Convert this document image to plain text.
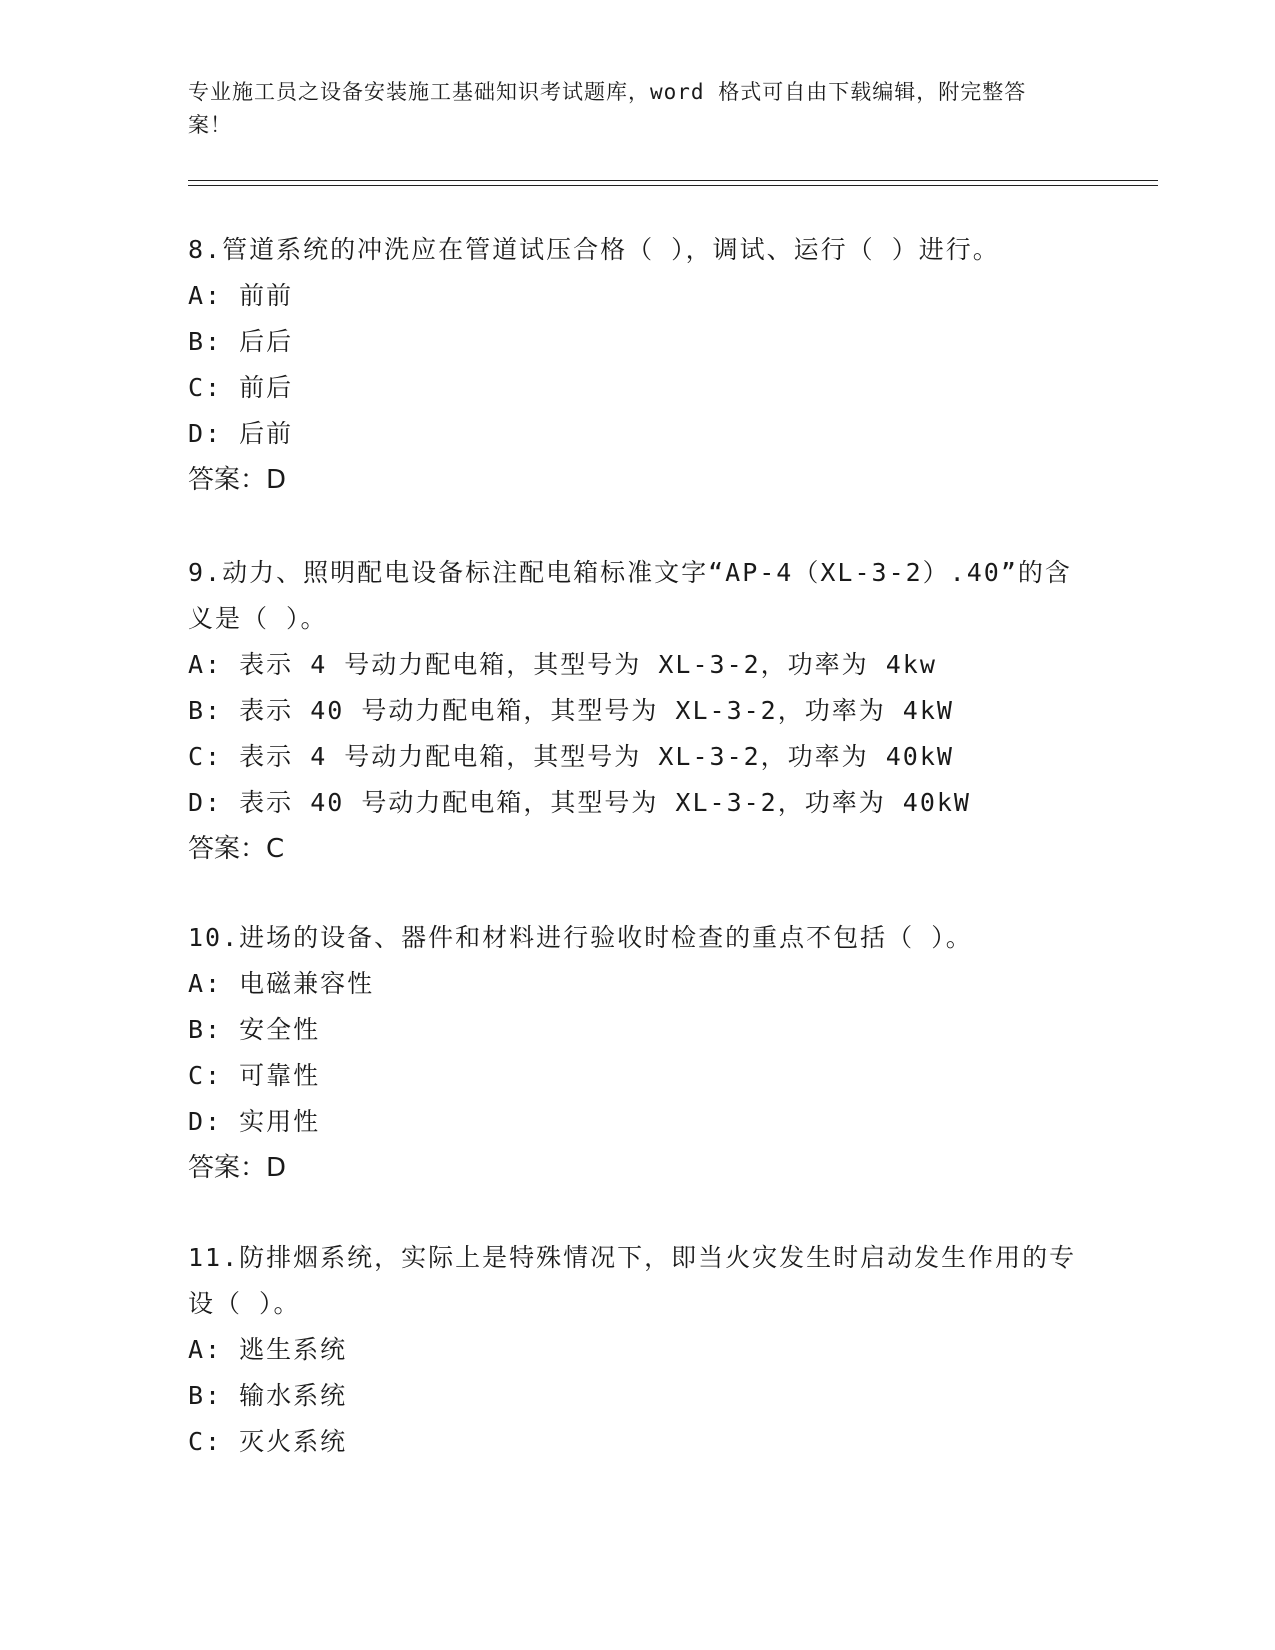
专业施工员之设备安装施工基础知识考试题库，word 格式可自由下载编辑，附完整答案！

8.管道系统的冲洗应在管道试压合格（ ），调试、运行（ ）进行。

A: 前前

B: 后后

C: 前后

D: 后前

答案：D

9.动力、照明配电设备标注配电箱标准文字“AP-4（XL-3-2）.40”的含义是（ ）。

A: 表示 4 号动力配电箱，其型号为 XL-3-2，功率为 4kw

B: 表示 40 号动力配电箱，其型号为 XL-3-2，功率为 4kW

C: 表示 4 号动力配电箱，其型号为 XL-3-2，功率为 40kW

D: 表示 40 号动力配电箱，其型号为 XL-3-2，功率为 40kW

答案：C

10.进场的设备、器件和材料进行验收时检查的重点不包括（ ）。

A: 电磁兼容性

B: 安全性

C: 可靠性

D: 实用性

答案：D

11.防排烟系统，实际上是特殊情况下，即当火灾发生时启动发生作用的专设（ ）。

A: 逃生系统

B: 输水系统

C: 灭火系统
